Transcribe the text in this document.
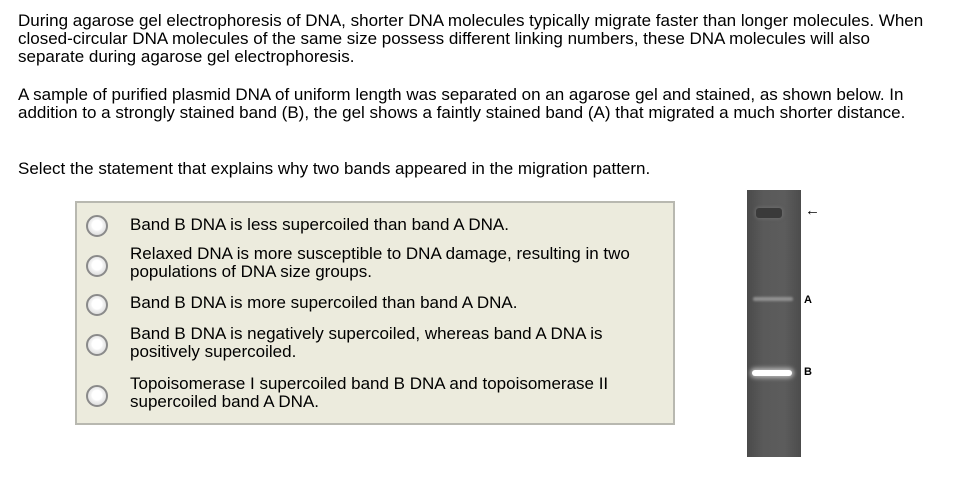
During agarose gel electrophoresis of DNA, shorter DNA molecules typically migrate faster than longer molecules. When closed-circular DNA molecules of the same size possess different linking numbers, these DNA molecules will also separate during agarose gel electrophoresis.

A sample of purified plasmid DNA of uniform length was separated on an agarose gel and stained, as shown below. In addition to a strongly stained band (B), the gel shows a faintly stained band (A) that migrated a much shorter distance.

Select the statement that explains why two bands appeared in the migration pattern.

Band B DNA is less supercoiled than band A DNA.
Relaxed DNA is more susceptible to DNA damage, resulting in two populations of DNA size groups.
Band B DNA is more supercoiled than band A DNA.
Band B DNA is negatively supercoiled, whereas band A DNA is positively supercoiled.
Topoisomerase I supercoiled band B DNA and topoisomerase II supercoiled band A DNA.
←
A
B
